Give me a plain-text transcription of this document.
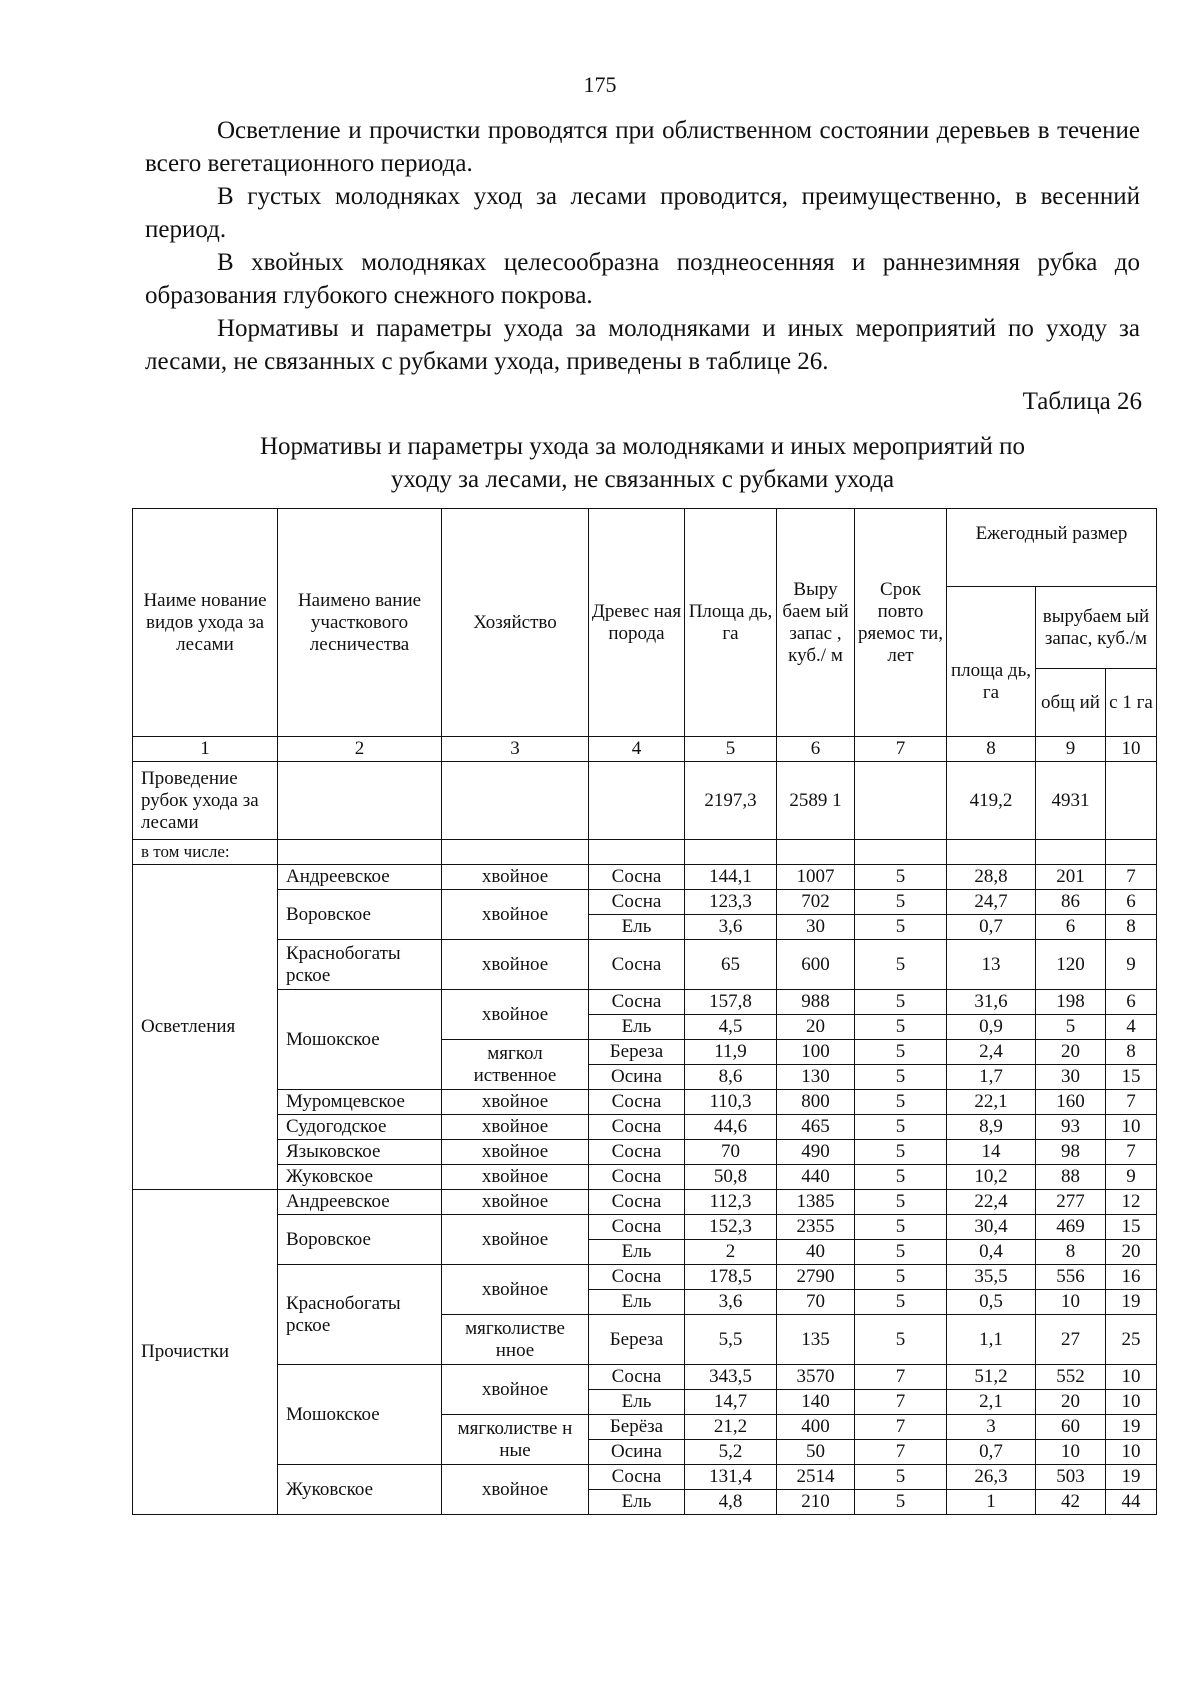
175

Осветление и прочистки проводятся при облиственном состоянии деревьев в течение всего вегетационного периода.

В густых молодняках уход за лесами проводится, преимущественно, в весенний период.

В хвойных молодняках целесообразна позднеосенняя и раннезимняя рубка до образования глубокого снежного покрова.

Нормативы и параметры ухода за молодняками и иных мероприятий по уходу за лесами, не связанных с рубками ухода, приведены в таблице 26.

Таблица 26
Нормативы и параметры ухода за молодняками и иных мероприятий по
уходу за лесами, не связанных с рубками ухода
Наиме нование видов ухода за лесами	Наимено вание участкового лесничества	Хозяйство	Древес ная порода	Площа дь, га	Выру баем ый запас , куб./ м	Срок повто ряемос ти, лет	Ежегодный размер		
							площа дь, га	вырубаем ый запас, куб./м	
								общ ий	с 1 га
1	2	3	4	5	6	7	8	9	10
Проведение рубок ухода за лесами				2197,3	2589 1		419,2	4931	
в том числе:									
Осветления	Андреевское	хвойное	Сосна	144,1	1007	5	28,8	201	7
	Воровское	хвойное	Сосна	123,3	702	5	24,7	86	6
			Ель	3,6	30	5	0,7	6	8
	Краснобогаты рское	хвойное	Сосна	65	600	5	13	120	9
	Мошокское	хвойное	Сосна	157,8	988	5	31,6	198	6
			Ель	4,5	20	5	0,9	5	4
		мягкол иственное	Береза	11,9	100	5	2,4	20	8
			Осина	8,6	130	5	1,7	30	15
	Муромцевское	хвойное	Сосна	110,3	800	5	22,1	160	7
	Судогодское	хвойное	Сосна	44,6	465	5	8,9	93	10
	Языковское	хвойное	Сосна	70	490	5	14	98	7
	Жуковское	хвойное	Сосна	50,8	440	5	10,2	88	9
Прочистки	Андреевское	хвойное	Сосна	112,3	1385	5	22,4	277	12
	Воровское	хвойное	Сосна	152,3	2355	5	30,4	469	15
			Ель	2	40	5	0,4	8	20
	Краснобогаты рское	хвойное	Сосна	178,5	2790	5	35,5	556	16
			Ель	3,6	70	5	0,5	10	19
		мягколистве нное	Береза	5,5	135	5	1,1	27	25
	Мошокское	хвойное	Сосна	343,5	3570	7	51,2	552	10
			Ель	14,7	140	7	2,1	20	10
		мягколистве н ные	Берёза	21,2	400	7	3	60	19
			Осина	5,2	50	7	0,7	10	10
	Жуковское	хвойное	Сосна	131,4	2514	5	26,3	503	19
			Ель	4,8	210	5	1	42	44
